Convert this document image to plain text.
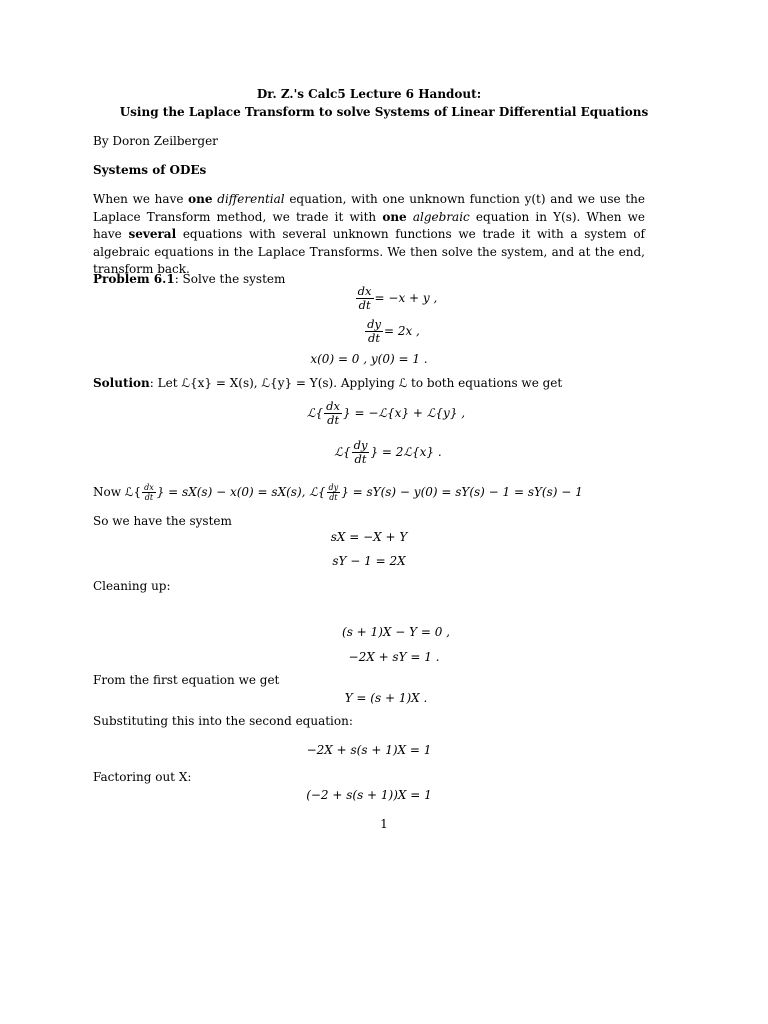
Dr. Z.'s Calc5 Lecture 6 Handout:
Using the Laplace Transform to solve Systems of Linear Differential Equations
By Doron Zeilberger
Systems of ODEs
When we have one differential equation, with one unknown function y(t) and we use the Laplace Transform method, we trade it with one algebraic equation in Y(s). When we have several equations with several unknown functions we trade it with a system of algebraic equations in the Laplace Transforms. We then solve the system, and at the end, transform back.
Problem 6.1: Solve the system
$\frac{dx}{dt} = -x + y$ ,
$\frac{dy}{dt} = 2x$ ,
x(0) = 0 , y(0) = 1 .
Solution: Let ℒ{x} = X(s), ℒ{y} = Y(s). Applying ℒ to both equations we get
ℒ{ $\frac{dx}{dt}$ } = −ℒ{x} + ℒ{y} ,
ℒ{ $\frac{dy}{dt}$ } = 2ℒ{x} .
Now ℒ{ $\frac{dx}{dt}$ } = sX(s) − x(0) = sX(s), ℒ{ $\frac{dy}{dt}$ } = sY(s) − y(0) = sY(s) − 1 = sY(s) − 1
So we have the system
sX = −X + Y
sY − 1 = 2X
Cleaning up:
(s + 1)X − Y = 0 ,
−2X + sY = 1 .
From the first equation we get
Y = (s + 1)X .
Substituting this into the second equation:
−2X + s(s + 1)X = 1
Factoring out X:
(−2 + s(s + 1))X = 1
1
